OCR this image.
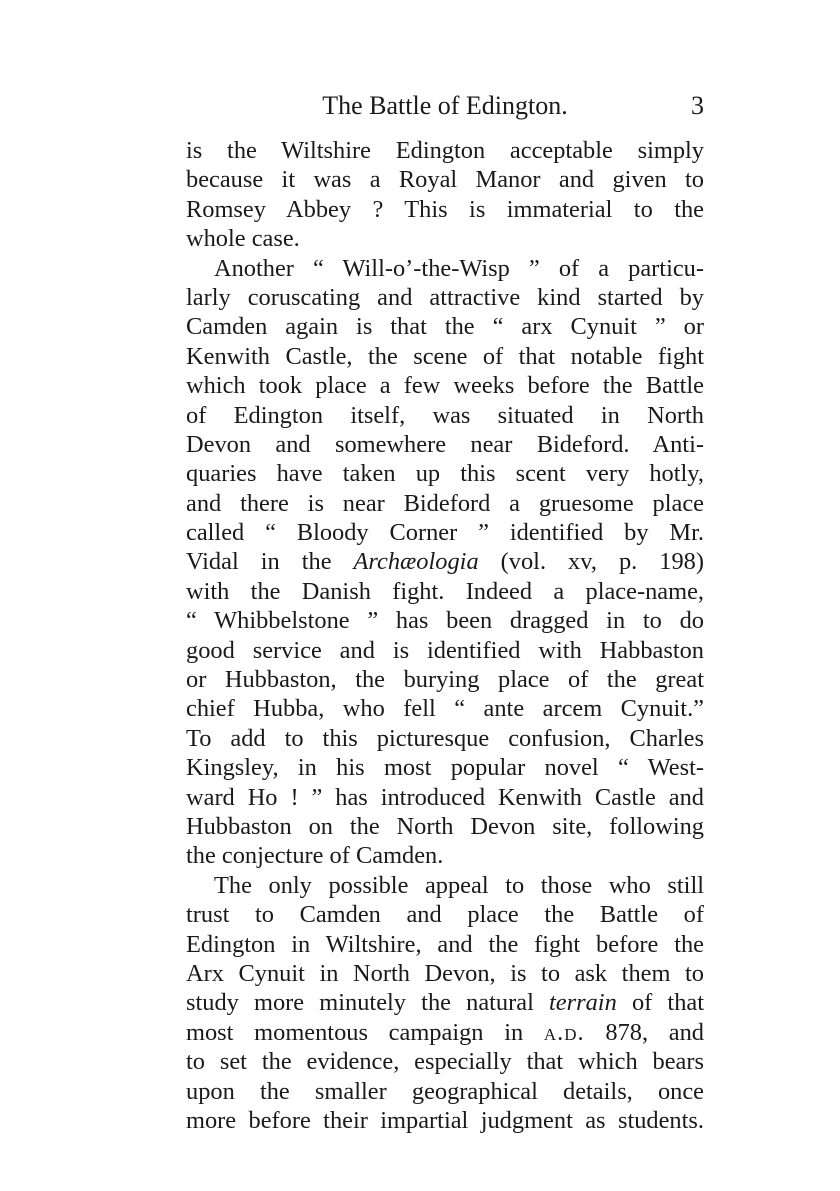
The Battle of Edington.	3
is the Wiltshire Edington acceptable simply
because it was a Royal Manor and given to
Romsey Abbey ? This is immaterial to the
whole case.
Another “ Will-o’-the-Wisp ” of a particu-
larly coruscating and attractive kind started by
Camden again is that the “ arx Cynuit ” or
Kenwith Castle, the scene of that notable fight
which took place a few weeks before the Battle
of Edington itself, was situated in North
Devon and somewhere near Bideford. Anti-
quaries have taken up this scent very hotly,
and there is near Bideford a gruesome place
called “ Bloody Corner ” identified by Mr.
Vidal in the Archæologia (vol. xv, p. 198)
with the Danish fight. Indeed a place-name,
“ Whibbelstone ” has been dragged in to do
good service and is identified with Habbaston
or Hubbaston, the burying place of the great
chief Hubba, who fell “ ante arcem Cynuit.”
To add to this picturesque confusion, Charles
Kingsley, in his most popular novel “ West-
ward Ho ! ” has introduced Kenwith Castle and
Hubbaston on the North Devon site, following
the conjecture of Camden.
The only possible appeal to those who still
trust to Camden and place the Battle of
Edington in Wiltshire, and the fight before the
Arx Cynuit in North Devon, is to ask them to
study more minutely the natural terrain of that
most momentous campaign in a.d. 878, and
to set the evidence, especially that which bears
upon the smaller geographical details, once
more before their impartial judgment as students.
